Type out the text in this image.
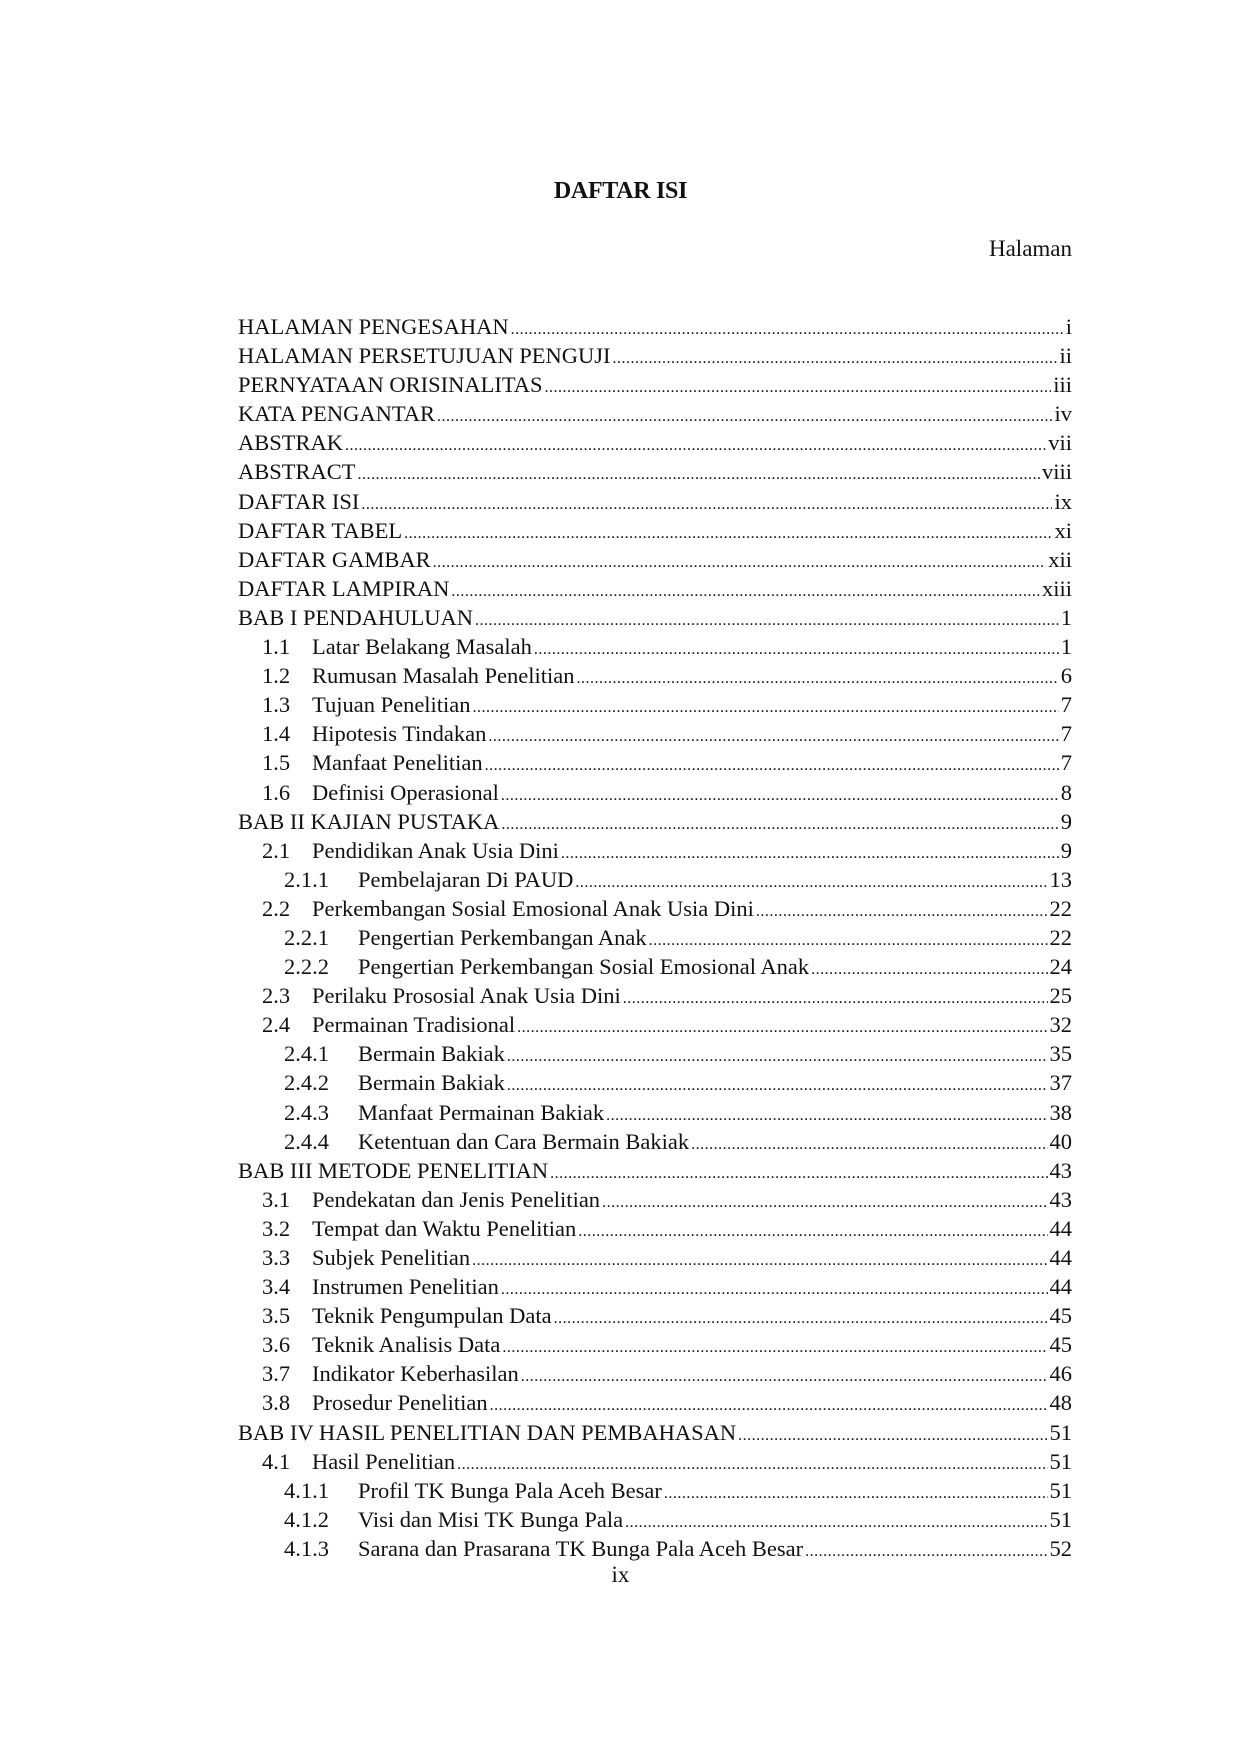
DAFTAR ISI
Halaman
HALAMAN PENGESAHAN .....	i
HALAMAN PERSETUJUAN PENGUJI .....	ii
PERNYATAAN ORISINALITAS .....	iii
KATA PENGANTAR .....	iv
ABSTRAK .....	vii
ABSTRACT .....	viii
DAFTAR ISI .....	ix
DAFTAR TABEL .....	xi
DAFTAR GAMBAR .....	xii
DAFTAR LAMPIRAN .....	xiii
BAB I PENDAHULUAN .....	1
1.1 Latar Belakang Masalah .....	1
1.2 Rumusan Masalah Penelitian .....	6
1.3 Tujuan Penelitian .....	7
1.4 Hipotesis Tindakan .....	7
1.5 Manfaat Penelitian .....	7
1.6 Definisi Operasional .....	8
BAB II KAJIAN PUSTAKA .....	9
2.1 Pendidikan Anak Usia Dini .....	9
2.1.1	Pembelajaran Di PAUD .....	13
2.2 Perkembangan Sosial Emosional Anak Usia Dini .....	22
2.2.1	Pengertian Perkembangan Anak .....	22
2.2.2	Pengertian Perkembangan Sosial Emosional Anak .....	24
2.3 Perilaku Prososial Anak Usia Dini .....	25
2.4 Permainan Tradisional .....	32
2.4.1	Bermain Bakiak .....	35
2.4.2	Bermain Bakiak .....	37
2.4.3	Manfaat Permainan Bakiak .....	38
2.4.4	Ketentuan dan Cara Bermain Bakiak .....	40
BAB III METODE PENELITIAN .....	43
3.1 Pendekatan dan Jenis Penelitian .....	43
3.2 Tempat dan Waktu Penelitian .....	44
3.3 Subjek Penelitian .....	44
3.4 Instrumen Penelitian .....	44
3.5 Teknik Pengumpulan Data .....	45
3.6 Teknik Analisis Data .....	45
3.7 Indikator Keberhasilan .....	46
3.8 Prosedur Penelitian .....	48
BAB IV HASIL PENELITIAN DAN PEMBAHASAN .....	51
4.1 Hasil Penelitian .....	51
4.1.1	Profil TK Bunga Pala Aceh Besar .....	51
4.1.2	Visi dan Misi TK Bunga Pala .....	51
4.1.3	Sarana dan Prasarana TK Bunga Pala Aceh Besar .....	52
ix
